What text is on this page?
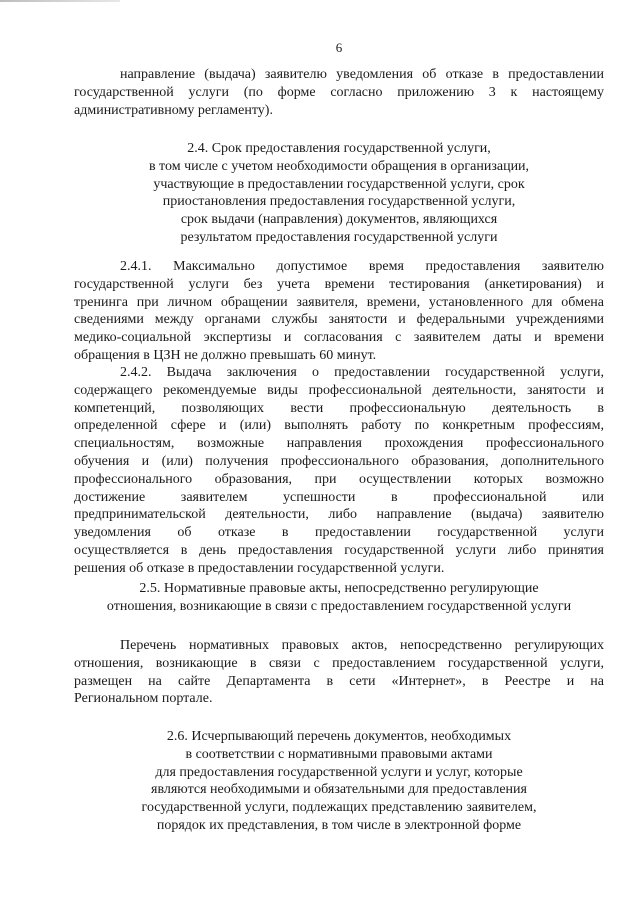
6
направление (выдача) заявителю уведомления об отказе в предоставлении
государственной услуги (по форме согласно приложению 3 к настоящему
административному регламенту).
2.4. Срок предоставления государственной услуги,
в том числе с учетом необходимости обращения в организации,
участвующие в предоставлении государственной услуги, срок
приостановления предоставления государственной услуги,
срок выдачи (направления) документов, являющихся
результатом предоставления государственной услуги
2.4.1. Максимально допустимое время предоставления заявителю
государственной услуги без учета времени тестирования (анкетирования) и
тренинга при личном обращении заявителя, времени, установленного для обмена
сведениями между органами службы занятости и федеральными учреждениями
медико-социальной экспертизы и согласования с заявителем даты и времени
обращения в ЦЗН не должно превышать 60 минут.
2.4.2. Выдача заключения о предоставлении государственной услуги,
содержащего рекомендуемые виды профессиональной деятельности, занятости и
компетенций, позволяющих вести профессиональную деятельность в
определенной сфере и (или) выполнять работу по конкретным профессиям,
специальностям, возможные направления прохождения профессионального
обучения и (или) получения профессионального образования, дополнительного
профессионального образования, при осуществлении которых возможно
достижение заявителем успешности в профессиональной или
предпринимательской деятельности, либо направление (выдача) заявителю
уведомления об отказе в предоставлении государственной услуги
осуществляется в день предоставления государственной услуги либо принятия
решения об отказе в предоставлении государственной услуги.
2.5. Нормативные правовые акты, непосредственно регулирующие
отношения, возникающие в связи с предоставлением государственной услуги
Перечень нормативных правовых актов, непосредственно регулирующих
отношения, возникающие в связи с предоставлением государственной услуги,
размещен на сайте Департамента в сети «Интернет», в Реестре и на
Региональном портале.
2.6. Исчерпывающий перечень документов, необходимых
в соответствии с нормативными правовыми актами
для предоставления государственной услуги и услуг, которые
являются необходимыми и обязательными для предоставления
государственной услуги, подлежащих представлению заявителем,
порядок их представления, в том числе в электронной форме
